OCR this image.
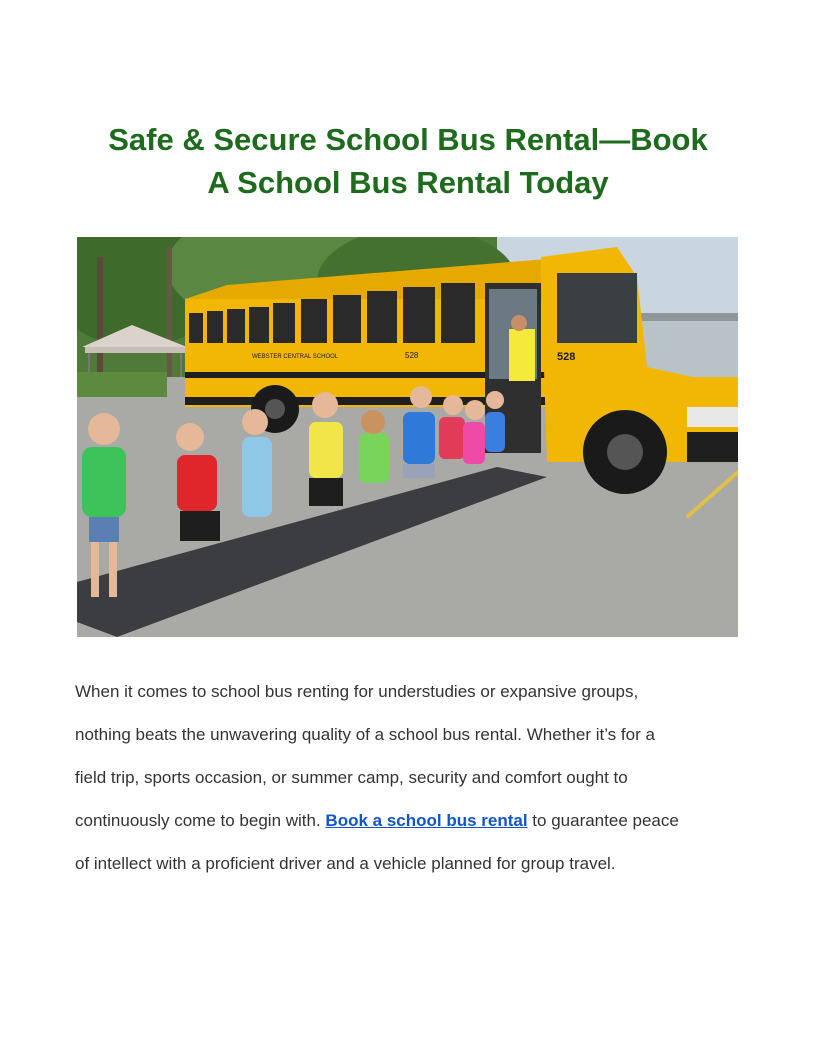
Safe & Secure School Bus Rental—Book
A School Bus Rental Today
528
528
WEBSTER CENTRAL SCHOOL

When it comes to school bus renting for understudies or expansive groups,
nothing beats the unwavering quality of a school bus rental. Whether it’s for a
field trip, sports occasion, or summer camp, security and comfort ought to
continuously come to begin with. Book a school bus rental to guarantee peace
of intellect with a proficient driver and a vehicle planned for group travel.
